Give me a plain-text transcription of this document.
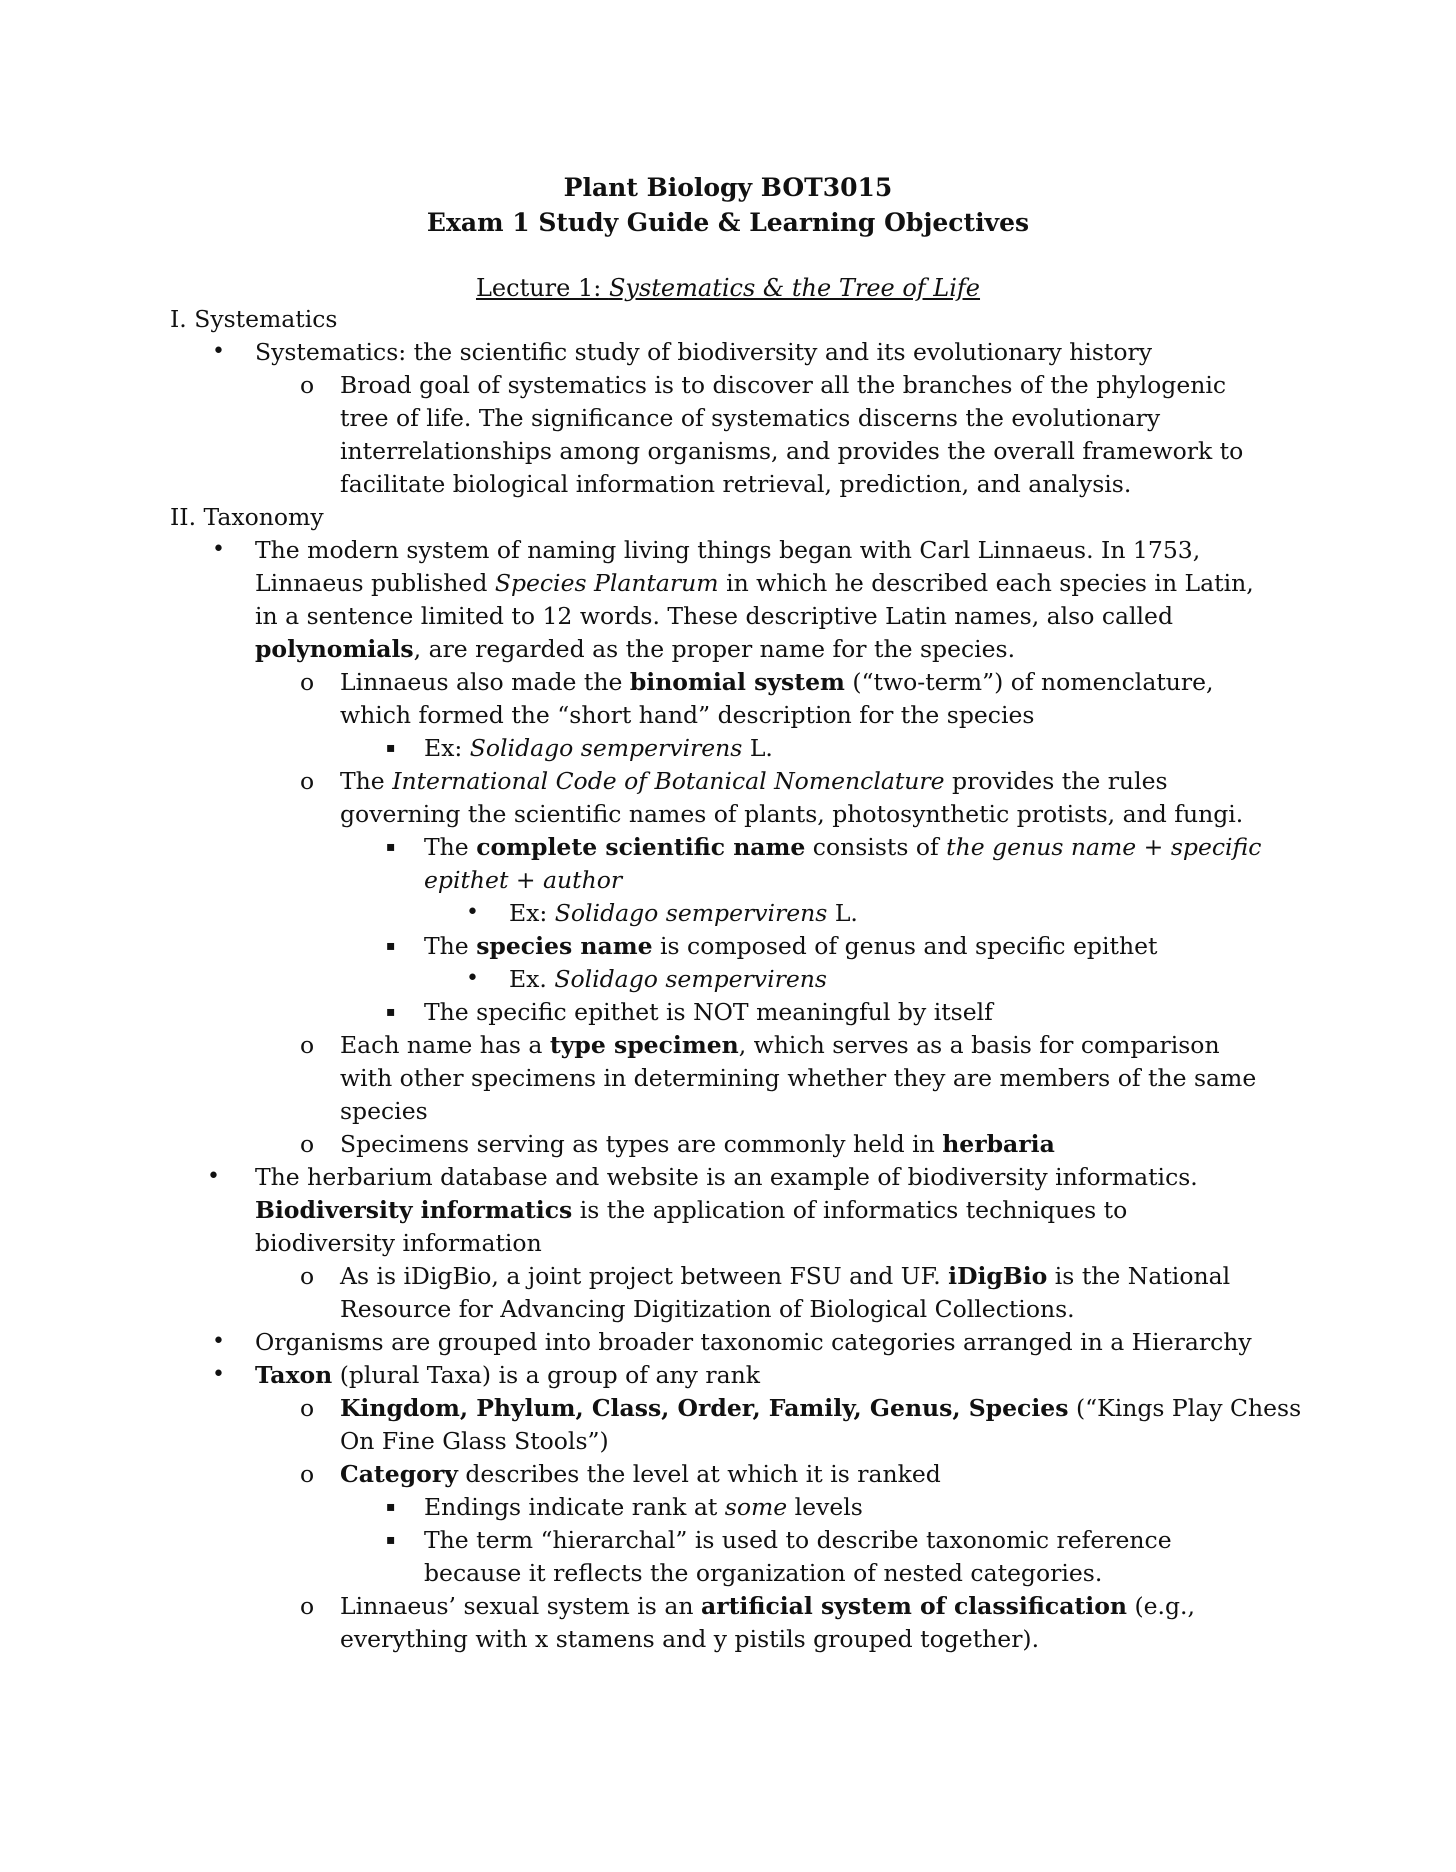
Plant Biology BOT3015
Exam 1 Study Guide & Learning Objectives
Lecture 1: Systematics & the Tree of Life
I. Systematics
• Systematics: the scientific study of biodiversity and its evolutionary history
o Broad goal of systematics is to discover all the branches of the phylogenic
tree of life. The significance of systematics discerns the evolutionary
interrelationships among organisms, and provides the overall framework to
facilitate biological information retrieval, prediction, and analysis.
II. Taxonomy
• The modern system of naming living things began with Carl Linnaeus. In 1753,
Linnaeus published Species Plantarum in which he described each species in Latin,
in a sentence limited to 12 words. These descriptive Latin names, also called
polynomials, are regarded as the proper name for the species.
o Linnaeus also made the binomial system (“two-term”) of nomenclature,
which formed the “short hand” description for the species
▪ Ex: Solidago sempervirens L.
o The International Code of Botanical Nomenclature provides the rules
governing the scientific names of plants, photosynthetic protists, and fungi.
▪ The complete scientific name consists of the genus name + specific
epithet + author
• Ex: Solidago sempervirens L.
▪ The species name is composed of genus and specific epithet
• Ex. Solidago sempervirens
▪ The specific epithet is NOT meaningful by itself
o Each name has a type specimen, which serves as a basis for comparison
with other specimens in determining whether they are members of the same
species
o Specimens serving as types are commonly held in herbaria
• The herbarium database and website is an example of biodiversity informatics.
Biodiversity informatics is the application of informatics techniques to
biodiversity information
o As is iDigBio, a joint project between FSU and UF. iDigBio is the National
Resource for Advancing Digitization of Biological Collections.
• Organisms are grouped into broader taxonomic categories arranged in a Hierarchy
• Taxon (plural Taxa) is a group of any rank
o Kingdom, Phylum, Class, Order, Family, Genus, Species (“Kings Play Chess
On Fine Glass Stools”)
o Category describes the level at which it is ranked
▪ Endings indicate rank at some levels
▪ The term “hierarchal” is used to describe taxonomic reference
because it reflects the organization of nested categories.
o Linnaeus’ sexual system is an artificial system of classification (e.g.,
everything with x stamens and y pistils grouped together).
